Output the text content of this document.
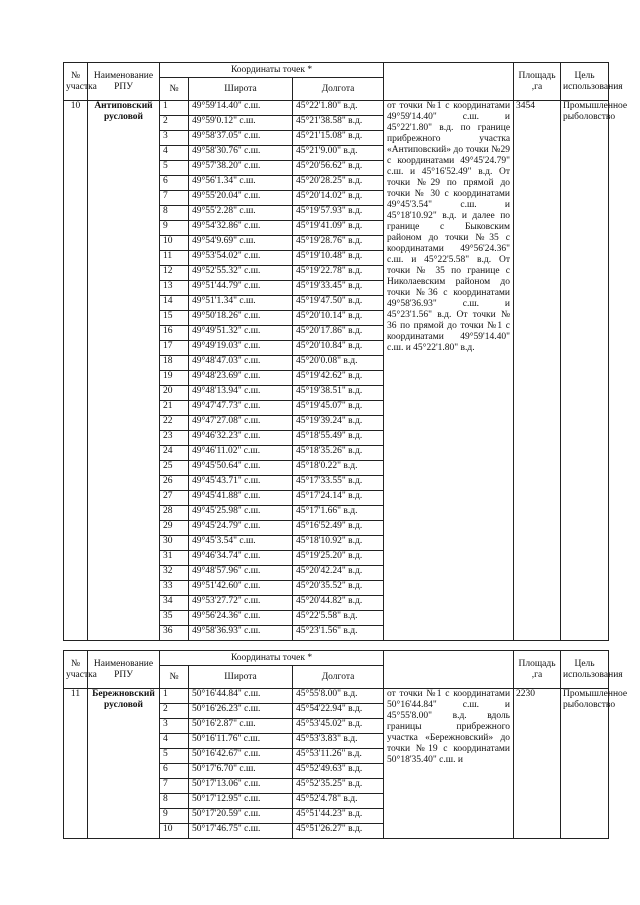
№ участка	Наименование РПУ	Координаты точек *				Площадь ,га	Цель использования
		№	Широта	Долгота			
10	Антиповский русловой	1	49°59'14.40" с.ш.	45°22'1.80" в.д.	от точки №1 с координатами 49°59'14.40" с.ш. и 45°22'1.80" в.д. по границе прибрежного участка «Антиповский» до точки №29 с координатами 49°45'24.79" с.ш. и 45°16'52.49" в.д. От точки №29 по прямой до точки № 30 с координатами 49°45'3.54" с.ш. и 45°18'10.92" в.д. и далее по границе с Быковским районом до точки №35 с координатами 49°56'24.36" с.ш. и 45°22'5.58" в.д. От точки № 35 по границе с Николаевским районом до точки №36 с координатами 49°58'36.93" с.ш. и 45°23'1.56" в.д. От точки № 36 по прямой до точки №1 с координатами 49°59'14.40" с.ш. и 45°22'1.80" в.д.	3454	Промышленное рыболовство
		2	49°59'0.12" с.ш.	45°21'38.58" в.д.			
		3	49°58'37.05" с.ш.	45°21'15.08" в.д.			
		4	49°58'30.76" с.ш.	45°21'9.00" в.д.			
		5	49°57'38.20" с.ш.	45°20'56.62" в.д.			
		6	49°56'1.34" с.ш.	45°20'28.25" в.д.			
		7	49°55'20.04" с.ш.	45°20'14.02" в.д.			
		8	49°55'2.28" с.ш.	45°19'57.93" в.д.			
		9	49°54'32.86" с.ш.	45°19'41.09" в.д.			
		10	49°54'9.69" с.ш.	45°19'28.76" в.д.			
		11	49°53'54.02" с.ш.	45°19'10.48" в.д.			
		12	49°52'55.32" с.ш.	45°19'22.78" в.д.			
		13	49°51'44.79" с.ш.	45°19'33.45" в.д.			
		14	49°51'1.34" с.ш.	45°19'47.50" в.д.			
		15	49°50'18.26" с.ш.	45°20'10.14" в.д.			
		16	49°49'51.32" с.ш.	45°20'17.86" в.д.			
		17	49°49'19.03" с.ш.	45°20'10.84" в.д.			
		18	49°48'47.03" с.ш.	45°20'0.08" в.д.			
		19	49°48'23.69" с.ш.	45°19'42.62" в.д.			
		20	49°48'13.94" с.ш.	45°19'38.51" в.д.			
		21	49°47'47.73" с.ш.	45°19'45.07" в.д.			
		22	49°47'27.08" с.ш.	45°19'39.24" в.д.			
		23	49°46'32.23" с.ш.	45°18'55.49" в.д.			
		24	49°46'11.02" с.ш.	45°18'35.26" в.д.			
		25	49°45'50.64" с.ш.	45°18'0.22" в.д.			
		26	49°45'43.71" с.ш.	45°17'33.55" в.д.			
		27	49°45'41.88" с.ш.	45°17'24.14" в.д.			
		28	49°45'25.98" с.ш.	45°17'1.66" в.д.			
		29	49°45'24.79" с.ш.	45°16'52.49" в.д.			
		30	49°45'3.54" с.ш.	45°18'10.92" в.д.			
		31	49°46'34.74" с.ш.	45°19'25.20" в.д.			
		32	49°48'57.96" с.ш.	45°20'42.24" в.д.			
		33	49°51'42.60" с.ш.	45°20'35.52" в.д.			
		34	49°53'27.72" с.ш.	45°20'44.82" в.д.			
		35	49°56'24.36" с.ш.	45°22'5.58" в.д.			
		36	49°58'36.93" с.ш.	45°23'1.56" в.д.			
№ участка	Наименование РПУ	Координаты точек *				Площадь ,га	Цель использования
		№	Широта	Долгота			
11	Бережновский русловой	1	50°16'44.84" с.ш.	45°55'8.00" в.д.	от точки №1 с координатами 50°16'44.84" с.ш. и 45°55'8.00" в.д. вдоль границы прибрежного участка «Бережновский» до точки №19 с координатами 50°18'35.40" с.ш. и	2230	Промышленное рыболовство
		2	50°16'26.23" с.ш.	45°54'22.94" в.д.			
		3	50°16'2.87" с.ш.	45°53'45.02" в.д.			
		4	50°16'11.76" с.ш.	45°53'3.83" в.д.			
		5	50°16'42.67" с.ш.	45°53'11.26" в.д.			
		6	50°17'6.70" с.ш.	45°52'49.63" в.д.			
		7	50°17'13.06" с.ш.	45°52'35.25" в.д.			
		8	50°17'12.95" с.ш.	45°52'4.78" в.д.			
		9	50°17'20.59" с.ш.	45°51'44.23" в.д.			
		10	50°17'46.75" с.ш.	45°51'26.27" в.д.			
